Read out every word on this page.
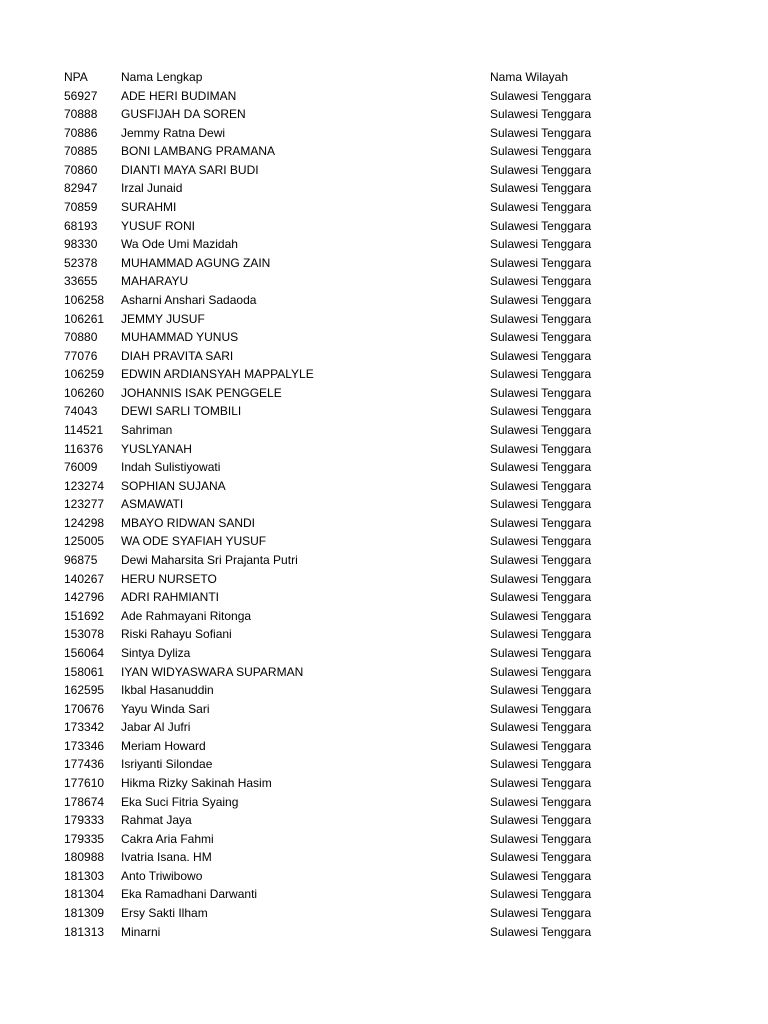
NPA	Nama Lengkap	Nama Wilayah
56927 ADE HERI BUDIMAN	Sulawesi Tenggara
70888 GUSFIJAH DA SOREN	Sulawesi Tenggara
70886 Jemmy Ratna Dewi	Sulawesi Tenggara
70885 BONI LAMBANG PRAMANA	Sulawesi Tenggara
70860 DIANTI MAYA SARI BUDI	Sulawesi Tenggara
82947 Irzal Junaid	Sulawesi Tenggara
70859 SURAHMI	Sulawesi Tenggara
68193 YUSUF RONI	Sulawesi Tenggara
98330 Wa Ode Umi Mazidah	Sulawesi Tenggara
52378 MUHAMMAD AGUNG ZAIN	Sulawesi Tenggara
33655 MAHARAYU	Sulawesi Tenggara
106258 Asharni Anshari Sadaoda	Sulawesi Tenggara
106261 JEMMY JUSUF	Sulawesi Tenggara
70880 MUHAMMAD YUNUS	Sulawesi Tenggara
77076 DIAH PRAVITA SARI	Sulawesi Tenggara
106259 EDWIN ARDIANSYAH MAPPALYLE	Sulawesi Tenggara
106260 JOHANNIS ISAK PENGGELE	Sulawesi Tenggara
74043 DEWI SARLI TOMBILI	Sulawesi Tenggara
114521 Sahriman	Sulawesi Tenggara
116376 YUSLYANAH	Sulawesi Tenggara
76009 Indah Sulistiyowati	Sulawesi Tenggara
123274 SOPHIAN SUJANA	Sulawesi Tenggara
123277 ASMAWATI	Sulawesi Tenggara
124298 MBAYO RIDWAN SANDI	Sulawesi Tenggara
125005 WA ODE SYAFIAH YUSUF	Sulawesi Tenggara
96875 Dewi Maharsita Sri Prajanta Putri	Sulawesi Tenggara
140267 HERU NURSETO	Sulawesi Tenggara
142796 ADRI RAHMIANTI	Sulawesi Tenggara
151692 Ade Rahmayani Ritonga	Sulawesi Tenggara
153078 Riski Rahayu Sofiani	Sulawesi Tenggara
156064 Sintya Dyliza	Sulawesi Tenggara
158061 IYAN WIDYASWARA SUPARMAN	Sulawesi Tenggara
162595 Ikbal Hasanuddin	Sulawesi Tenggara
170676 Yayu Winda Sari	Sulawesi Tenggara
173342 Jabar Al Jufri	Sulawesi Tenggara
173346 Meriam Howard	Sulawesi Tenggara
177436 Isriyanti Silondae	Sulawesi Tenggara
177610 Hikma Rizky Sakinah Hasim	Sulawesi Tenggara
178674 Eka Suci Fitria Syaing	Sulawesi Tenggara
179333 Rahmat Jaya	Sulawesi Tenggara
179335 Cakra Aria Fahmi	Sulawesi Tenggara
180988 Ivatria Isana. HM	Sulawesi Tenggara
181303 Anto Triwibowo	Sulawesi Tenggara
181304 Eka Ramadhani Darwanti	Sulawesi Tenggara
181309 Ersy Sakti Ilham	Sulawesi Tenggara
181313 Minarni	Sulawesi Tenggara
